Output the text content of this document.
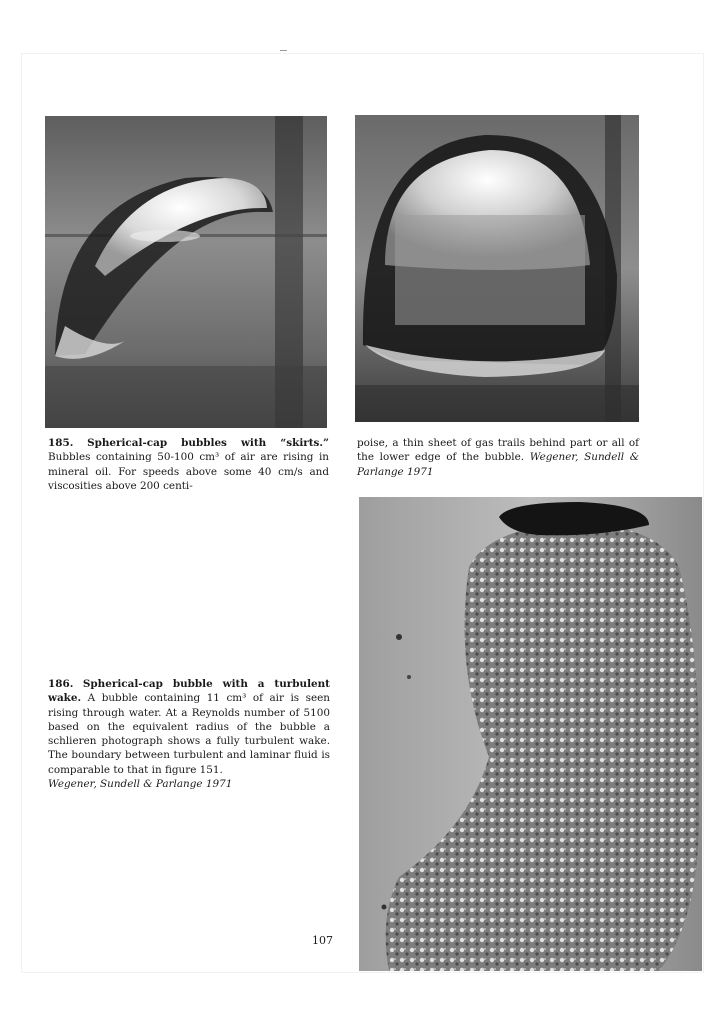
185. Spherical-cap bubbles with “skirts.” Bubbles containing 50-100 cm³ of air are rising in mineral oil. For speeds above some 40 cm/s and viscosities above 200 centi-
poise, a thin sheet of gas trails behind part or all of the lower edge of the bubble. Wegener, Sundell & Parlange 1971
186. Spherical-cap bubble with a turbulent wake. A bubble containing 11 cm³ of air is seen rising through water. At a Reynolds number of 5100 based on the equivalent radius of the bubble a schlieren photograph shows a fully turbulent wake. The boundary between turbulent and laminar fluid is comparable to that in figure 151.
Wegener, Sundell & Parlange 1971
107
